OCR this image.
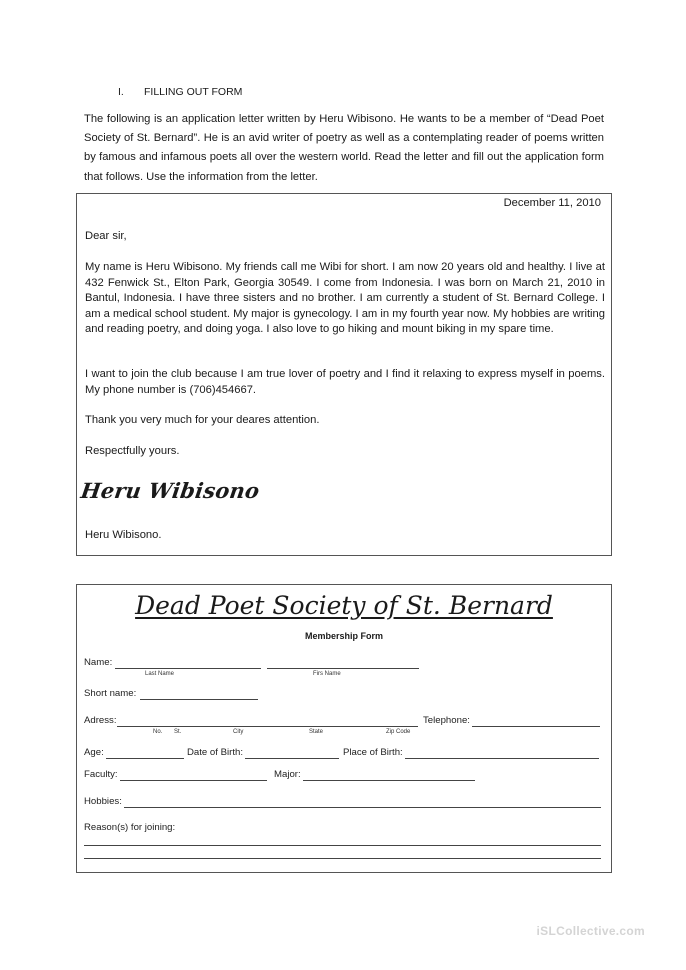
I. FILLING OUT FORM
The following is an application letter written by Heru Wibisono. He wants to be a member of “Dead Poet Society of St. Bernard”. He is an avid writer of poetry as well as a contemplating reader of poems written by famous and infamous poets all over the western world. Read the letter and fill out the application form that follows. Use the information from the letter.
December 11, 2010
Dear sir,
My name is Heru Wibisono. My friends call me Wibi for short. I am now 20 years old and healthy. I live at 432 Fenwick St., Elton Park, Georgia 30549. I come from Indonesia. I was born on March 21, 2010 in Bantul, Indonesia. I have three sisters and no brother. I am currently a student of St. Bernard College. I am a medical school student. My major is gynecology. I am in my fourth year now. My hobbies are writing and reading poetry, and doing yoga. I also love to go hiking and mount biking in my spare time.
I want to join the club because I am true lover of poetry and I find it relaxing to express myself in poems. My phone number is (706)454667.
Thank you very much for your deares attention.
Respectfully yours.
Heru Wibisono
Heru Wibisono.
Dead Poet Society of St. Bernard
Membership Form
Name:
Last Name	Firs Name
Short name:
Adress:
No. St.	City	State	Zip Code
Telephone:
Age:	Date of Birth:	Place of Birth:
Faculty:	Major:
Hobbies:
Reason(s) for joining:
iSLCollective.com
